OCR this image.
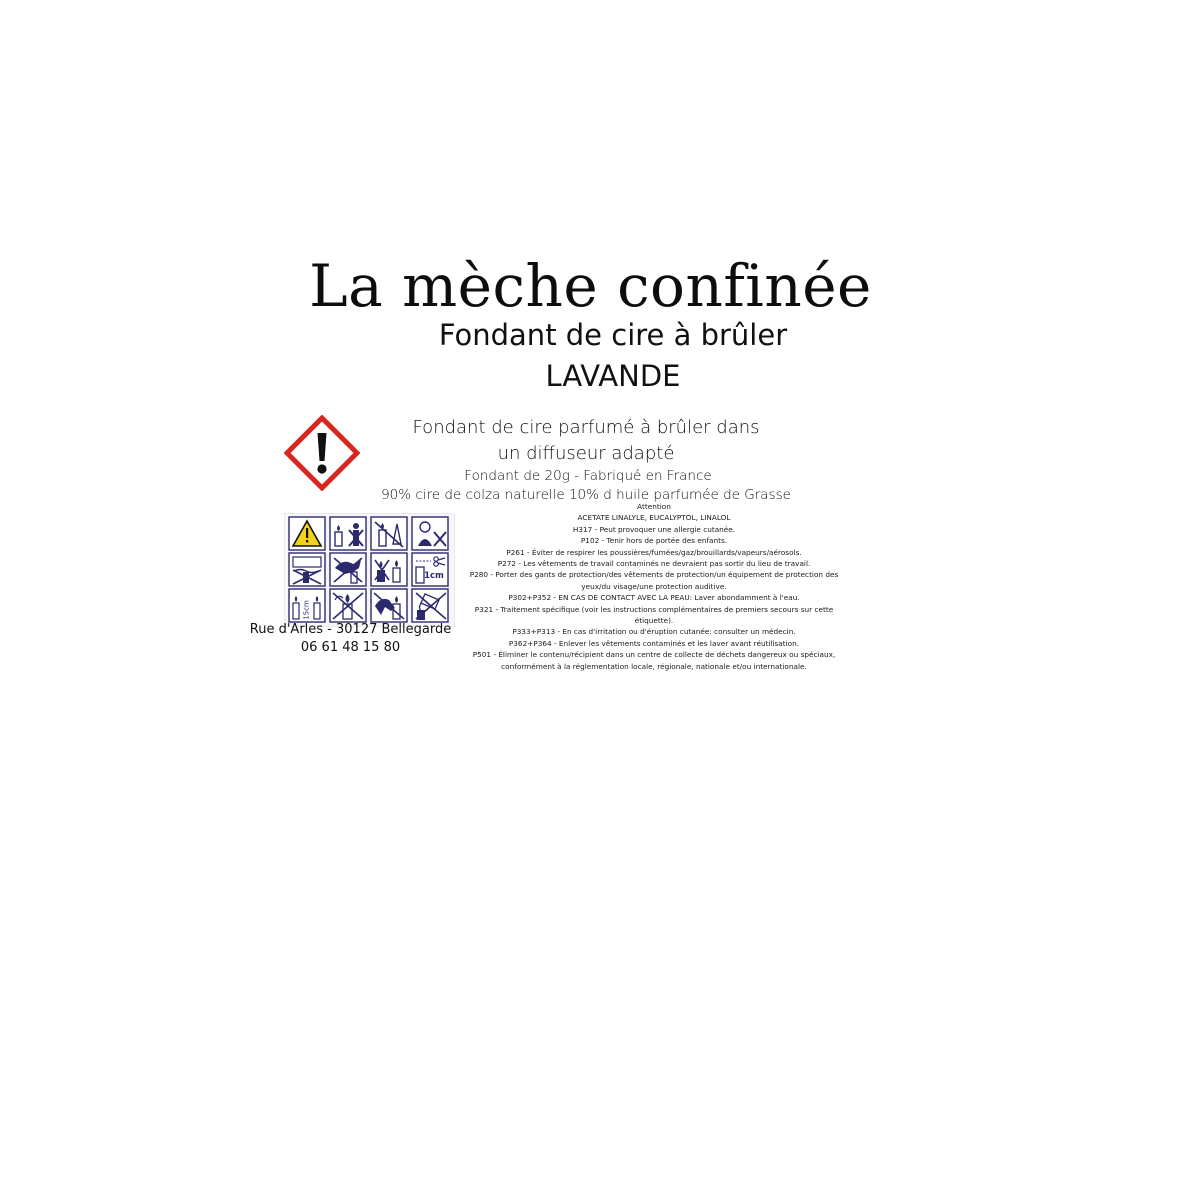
La mèche confinée
Fondant de cire à brûler
LAVANDE
Fondant de cire parfumé à brûler dans
un diffuseur adapté
Fondant de 20g - Fabriqué en France
90% cire de colza naturelle 10% d huile parfumée de Grasse
Attention
ACETATE LINALYLE, EUCALYPTOL, LINALOL
H317 - Peut provoquer une allergie cutanée.
P102 - Tenir hors de portée des enfants.
P261 - Éviter de respirer les poussières/fumées/gaz/brouillards/vapeurs/aérosols.
P272 - Les vêtements de travail contaminés ne devraient pas sortir du lieu de travail.
P280 - Porter des gants de protection/des vêtements de protection/un équipement de protection des yeux/du visage/une protection auditive.
P302+P352 - EN CAS DE CONTACT AVEC LA PEAU: Laver abondamment à l'eau.
P321 - Traitement spécifique (voir les instructions complémentaires de premiers secours sur cette étiquette).
P333+P313 - En cas d'irritation ou d'éruption cutanée: consulter un médecin.
P362+P364 - Enlever les vêtements contaminés et les laver avant réutilisation.
P501 - Éliminer le contenu/récipient dans un centre de collecte de déchets dangereux ou spéciaux, conformément à la réglementation locale, régionale, nationale et/ou internationale.
1cm
15cm
Rue d'Arles - 30127 Bellegarde
06 61 48 15 80
